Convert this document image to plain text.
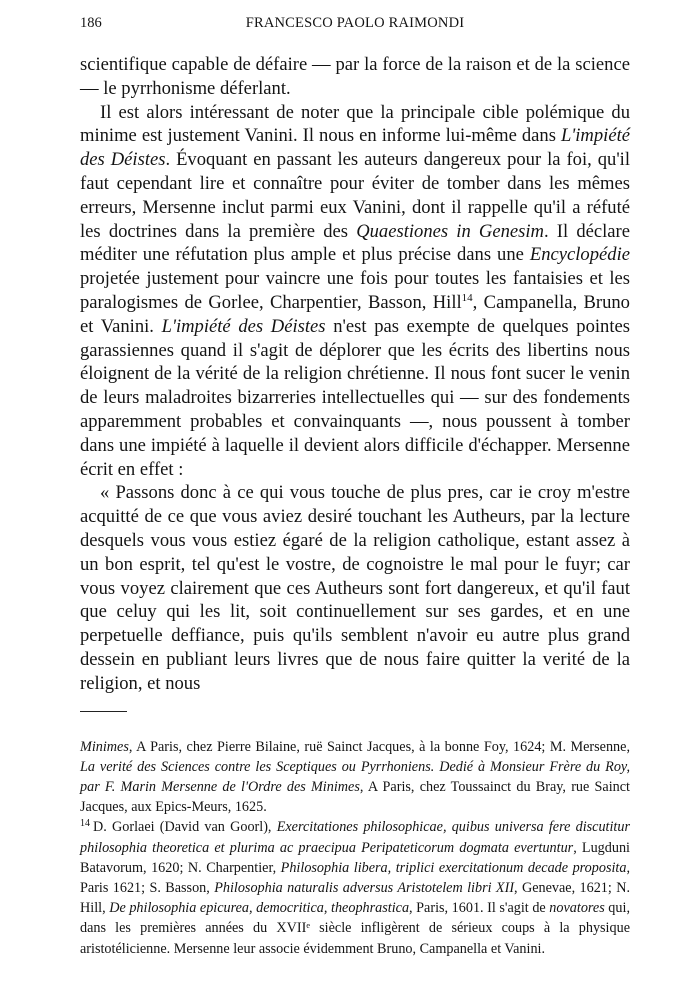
186	FRANCESCO PAOLO RAIMONDI

scientifique capable de défaire — par la force de la raison et de la science — le pyrrhonisme déferlant.

Il est alors intéressant de noter que la principale cible polémique du minime est justement Vanini. Il nous en informe lui-même dans L'impiété des Déistes. Évoquant en passant les auteurs dangereux pour la foi, qu'il faut cependant lire et connaître pour éviter de tomber dans les mêmes erreurs, Mersenne inclut parmi eux Vanini, dont il rappelle qu'il a réfuté les doctrines dans la première des Quaestiones in Genesim. Il déclare méditer une réfutation plus ample et plus précise dans une Encyclopédie projetée justement pour vaincre une fois pour toutes les fantaisies et les paralogismes de Gorlee, Charpentier, Basson, Hill$^{14}$, Campanella, Bruno et Vanini. L'impiété des Déistes n'est pas exempte de quelques pointes garassiennes quand il s'agit de déplorer que les écrits des libertins nous éloignent de la vérité de la religion chrétienne. Il nous font sucer le venin de leurs maladroites bizarreries intellectuelles qui — sur des fondements apparemment probables et convainquants —, nous poussent à tomber dans une impiété à laquelle il devient alors difficile d'échapper. Mersenne écrit en effet :

« Passons donc à ce qui vous touche de plus pres, car ie croy m'estre acquitté de ce que vous aviez desiré touchant les Autheurs, par la lecture desquels vous vous estiez égaré de la religion catholique, estant assez à un bon esprit, tel qu'est le vostre, de cognoistre le mal pour le fuyr; car vous voyez clairement que ces Autheurs sont fort dangereux, et qu'il faut que celuy qui les lit, soit continuellement sur ses gardes, et en une perpetuelle deffiance, puis qu'ils semblent n'avoir eu autre plus grand dessein en publiant leurs livres que de nous faire quitter la verité de la religion, et nous

Minimes, A Paris, chez Pierre Bilaine, ruë Sainct Jacques, à la bonne Foy, 1624; M. Mersenne, La verité des Sciences contre les Sceptiques ou Pyrrhoniens. Dedié à Monsieur Frère du Roy, par F. Marin Mersenne de l'Ordre des Minimes, A Paris, chez Toussainct du Bray, rue Sainct Jacques, aux Epics-Meurs, 1625.

$^{14}$ D. Gorlaei (David van Goorl), Exercitationes philosophicae, quibus universa fere discutitur philosophia theoretica et plurima ac praecipua Peripateticorum dogmata evertuntur, Lugduni Batavorum, 1620; N. Charpentier, Philosophia libera, triplici exercitationum decade proposita, Paris 1621; S. Basson, Philosophia naturalis adversus Aristotelem libri XII, Genevae, 1621; N. Hill, De philosophia epicurea, democritica, theophrastica, Paris, 1601. Il s'agit de novatores qui, dans les premières années du XVIIᵉ siècle infligèrent de sérieux coups à la physique aristotélicienne. Mersenne leur associe évidemment Bruno, Campanella et Vanini.
